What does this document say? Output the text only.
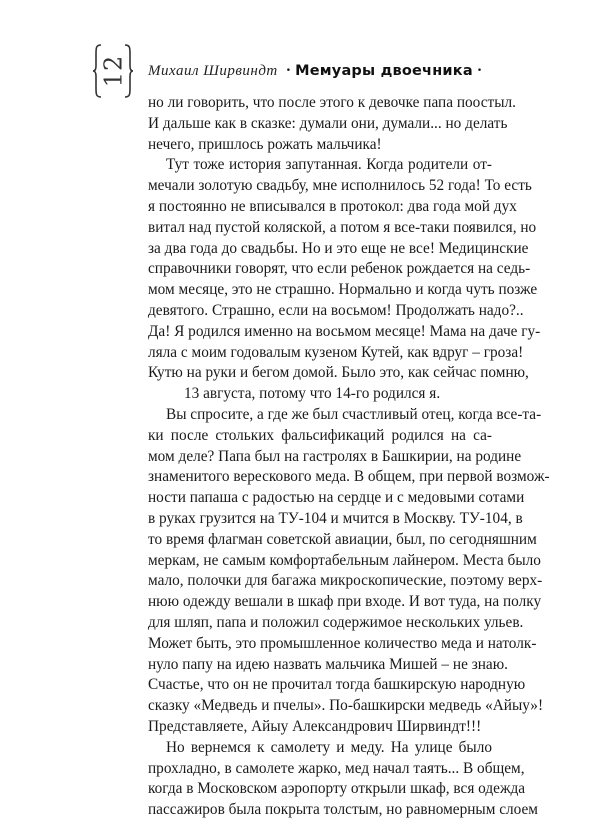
12 Михаил Ширвиндт • Мемуары двоечника •
но ли говорить, что после этого к девочке папа поостыл.
И дальше как в сказке: думали они, думали... но делать
нечего, пришлось рожать мальчика!
Тут тоже история запутанная. Когда родители от-
мечали золотую свадьбу, мне исполнилось 52 года! То есть
я постоянно не вписывался в протокол: два года мой дух
витал над пустой коляской, а потом я все-таки появился, но
за два года до свадьбы. Но и это еще не все! Медицинские
справочники говорят, что если ребенок рождается на седь-
мом месяце, это не страшно. Нормально и когда чуть позже
девятого. Страшно, если на восьмом! Продолжать надо?..
Да! Я родился именно на восьмом месяце! Мама на даче гу-
ляла с моим годовалым кузеном Кутей, как вдруг – гроза!
Кутю на руки и бегом домой. Было это, как сейчас помню,
13 августа, потому что 14-го родился я.
Вы спросите, а где же был счастливый отец, когда все-та-
ки после стольких фальсификаций родился на са-
мом деле? Папа был на гастролях в Башкирии, на родине
знаменитого верескового меда. В общем, при первой возмож-
ности папаша с радостью на сердце и с медовыми сотами
в руках грузится на ТУ-104 и мчится в Москву. ТУ-104, в
то время флагман советской авиации, был, по сегодняшним
меркам, не самым комфортабельным лайнером. Места было
мало, полочки для багажа микроскопические, поэтому верх-
нюю одежду вешали в шкаф при входе. И вот туда, на полку
для шляп, папа и положил содержимое нескольких ульев.
Может быть, это промышленное количество меда и натолк-
нуло папу на идею назвать мальчика Мишей – не знаю.
Счастье, что он не прочитал тогда башкирскую народную
сказку «Медведь и пчелы». По-башкирски медведь «Айыу»!
Представляете, Айыу Александрович Ширвиндт!!!
Но вернемся к самолету и меду. На улице было
прохладно, в самолете жарко, мед начал таять... В общем,
когда в Московском аэропорту открыли шкаф, вся одежда
пассажиров была покрыта толстым, но равномерным слоем
